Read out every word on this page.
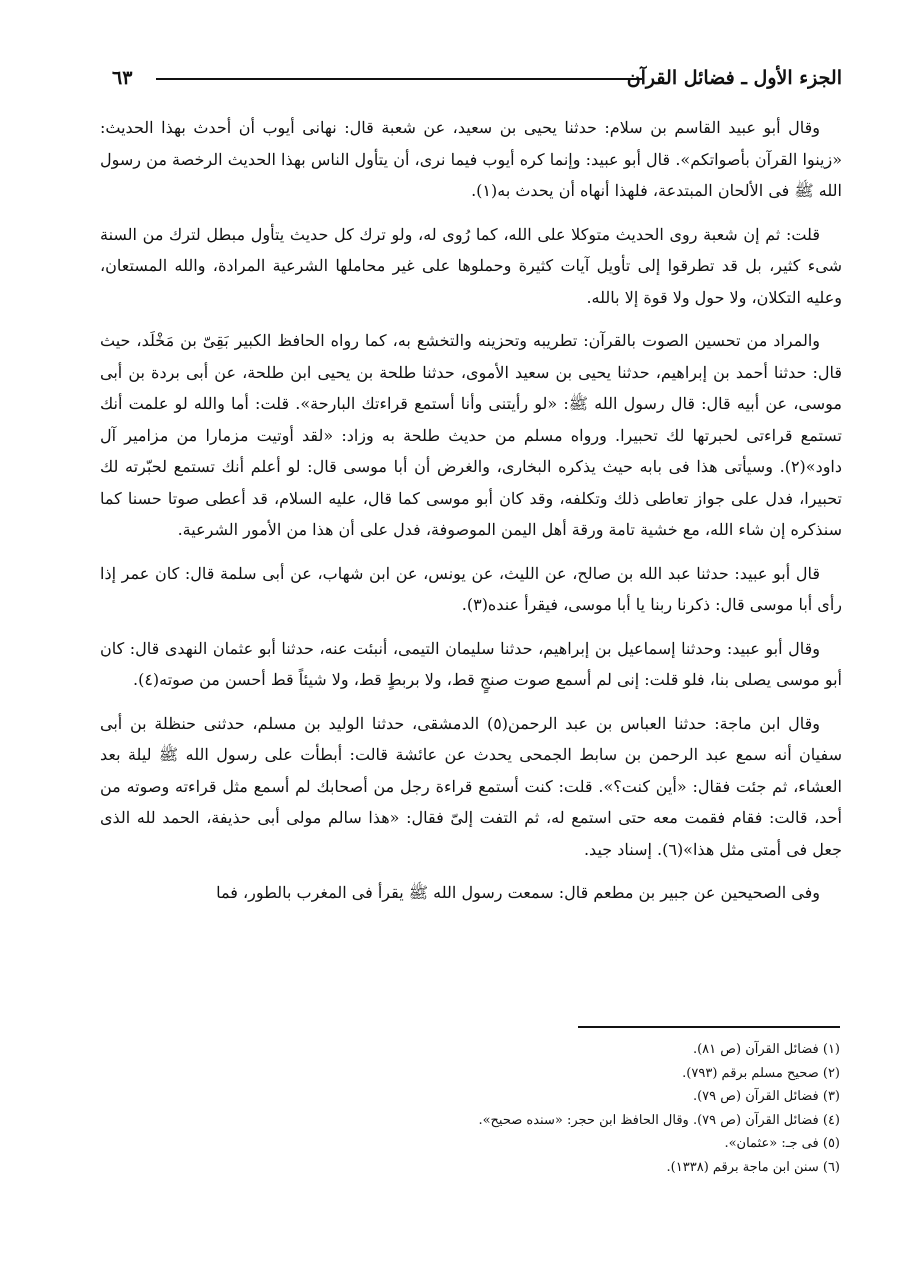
الجزء الأول ـ فضائل القرآن
٦٣

وقال أبو عبيد القاسم بن سلام: حدثنا يحيى بن سعيد، عن شعبة قال: نهانى أيوب أن أحدث بهذا الحديث: «زينوا القرآن بأصواتكم». قال أبو عبيد: وإنما كره أيوب فيما نرى، أن يتأول الناس بهذا الحديث الرخصة من رسول الله ﷺ فى الألحان المبتدعة، فلهذا أنهاه أن يحدث به(١).

قلت: ثم إن شعبة روى الحديث متوكلا على الله، كما رُوى له، ولو ترك كل حديث يتأول مبطل لترك من السنة شىء كثير، بل قد تطرقوا إلى تأويل آيات كثيرة وحملوها على غير محاملها الشرعية المرادة، والله المستعان، وعليه التكلان، ولا حول ولا قوة إلا بالله.

والمراد من تحسين الصوت بالقرآن: تطريبه وتحزينه والتخشع به، كما رواه الحافظ الكبير بَقِىّ بن مَخْلَد، حيث قال: حدثنا أحمد بن إبراهيم، حدثنا يحيى بن سعيد الأموى، حدثنا طلحة بن يحيى ابن طلحة، عن أبى بردة بن أبى موسى، عن أبيه قال: قال رسول الله ﷺ: «لو رأيتنى وأنا أستمع قراءتك البارحة». قلت: أما والله لو علمت أنك تستمع قراءتى لحبرتها لك تحبيرا. ورواه مسلم من حديث طلحة به وزاد: «لقد أوتيت مزمارا من مزامير آل داود»(٢). وسيأتى هذا فى بابه حيث يذكره البخارى، والغرض أن أبا موسى قال: لو أعلم أنك تستمع لحبّرته لك تحبيرا، فدل على جواز تعاطى ذلك وتكلفه، وقد كان أبو موسى كما قال، عليه السلام، قد أعطى صوتا حسنا كما سنذكره إن شاء الله، مع خشية تامة ورقة أهل اليمن الموصوفة، فدل على أن هذا من الأمور الشرعية.

قال أبو عبيد: حدثنا عبد الله بن صالح، عن الليث، عن يونس، عن ابن شهاب، عن أبى سلمة قال: كان عمر إذا رأى أبا موسى قال: ذكرنا ربنا يا أبا موسى، فيقرأ عنده(٣).

وقال أبو عبيد: وحدثنا إسماعيل بن إبراهيم، حدثنا سليمان التيمى، أنبئت عنه، حدثنا أبو عثمان النهدى قال: كان أبو موسى يصلى بنا، فلو قلت: إنى لم أسمع صوت صنجٍ قط، ولا بربطٍ قط، ولا شيئاً قط أحسن من صوته(٤).

وقال ابن ماجة: حدثنا العباس بن عبد الرحمن(٥) الدمشقى، حدثنا الوليد بن مسلم، حدثنى حنظلة بن أبى سفيان أنه سمع عبد الرحمن بن سابط الجمحى يحدث عن عائشة قالت: أبطأت على رسول الله ﷺ ليلة بعد العشاء، ثم جئت فقال: «أين كنت؟». قلت: كنت أستمع قراءة رجل من أصحابك لم أسمع مثل قراءته وصوته من أحد، قالت: فقام فقمت معه حتى استمع له، ثم التفت إلىّ فقال: «هذا سالم مولى أبى حذيفة، الحمد لله الذى جعل فى أمتى مثل هذا»(٦). إسناد جيد.

وفى الصحيحين عن جبير بن مطعم قال: سمعت رسول الله ﷺ يقرأ فى المغرب بالطور، فما

(١) فضائل القرآن (ص ٨١).
(٢) صحيح مسلم برقم (٧٩٣).
(٣) فضائل القرآن (ص ٧٩).
(٤) فضائل القرآن (ص ٧٩). وقال الحافظ ابن حجر: «سنده صحيح».
(٥) فى جـ: «عثمان».
(٦) سنن ابن ماجة برقم (١٣٣٨).
